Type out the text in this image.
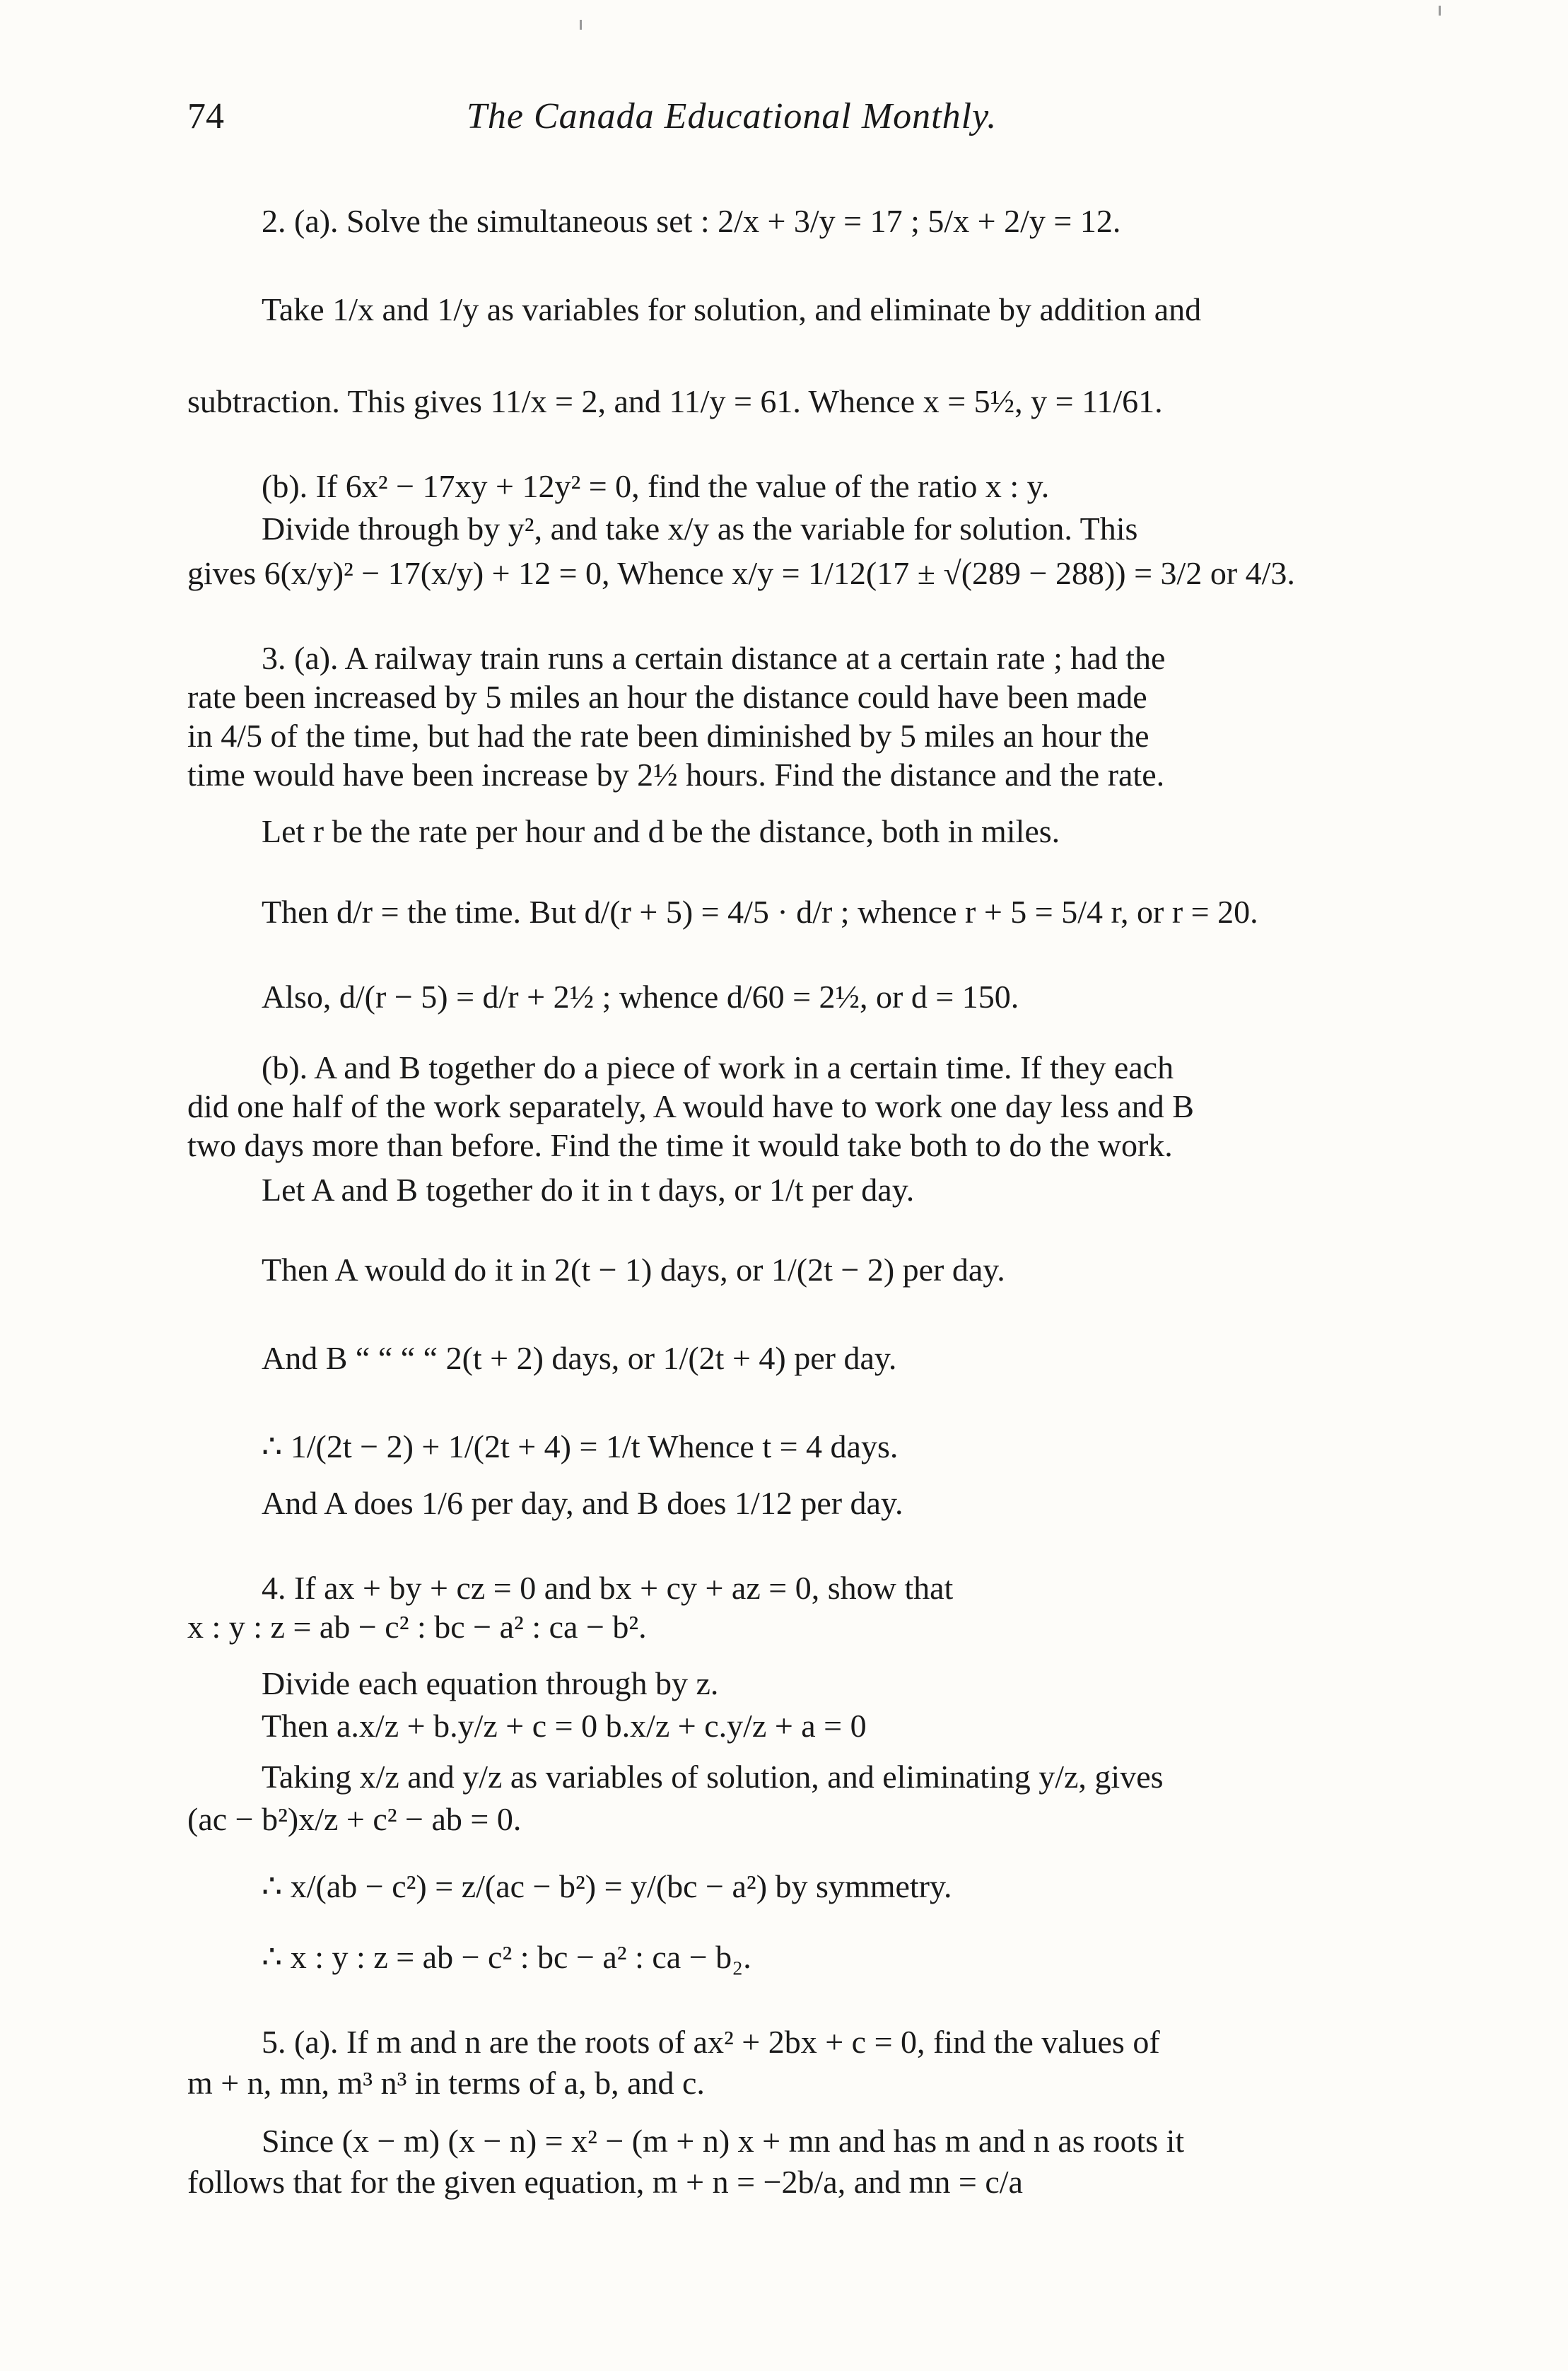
74	The Canada Educational Monthly.
2. (a). Solve the simultaneous set : 2/x + 3/y = 17 ; 5/x + 2/y = 12.
Take 1/x and 1/y as variables for solution, and eliminate by addition and
subtraction. This gives 11/x = 2, and 11/y = 61. Whence x = 5½, y = 11/61.
(b). If 6x² − 17xy + 12y² = 0, find the value of the ratio x : y.
Divide through by y², and take x/y as the variable for solution. This
gives 6(x/y)² − 17(x/y) + 12 = 0, Whence x/y = 1/12(17 ± √(289 − 288)) = 3/2 or 4/3.
3. (a). A railway train runs a certain distance at a certain rate ; had the
rate been increased by 5 miles an hour the distance could have been made
in 4/5 of the time, but had the rate been diminished by 5 miles an hour the
time would have been increase by 2½ hours. Find the distance and the rate.
Let r be the rate per hour and d be the distance, both in miles.
Then d/r = the time. But d/(r + 5) = 4/5 · d/r ; whence r + 5 = 5/4 r, or r = 20.
Also, d/(r − 5) = d/r + 2½ ; whence d/60 = 2½, or d = 150.
(b). A and B together do a piece of work in a certain time. If they each
did one half of the work separately, A would have to work one day less and B
two days more than before. Find the time it would take both to do the work.
Let A and B together do it in t days, or 1/t per day.
Then A would do it in 2(t − 1) days, or 1/(2t − 2) per day.
And B “ “ “ “ 2(t + 2) days, or 1/(2t + 4) per day.
∴ 1/(2t − 2) + 1/(2t + 4) = 1/t Whence t = 4 days.
And A does 1/6 per day, and B does 1/12 per day.
4. If ax + by + cz = 0 and bx + cy + az = 0, show that
x : y : z = ab − c² : bc − a² : ca − b².
Divide each equation through by z.
Then a.x/z + b.y/z + c = 0 b.x/z + c.y/z + a = 0
Taking x/z and y/z as variables of solution, and eliminating y/z, gives
(ac − b²)x/z + c² − ab = 0.
∴ x/(ab − c²) = z/(ac − b²) = y/(bc − a²) by symmetry.
∴ x : y : z = ab − c² : bc − a² : ca − b₂.
5. (a). If m and n are the roots of ax² + 2bx + c = 0, find the values of
m + n, mn, m³ n³ in terms of a, b, and c.
Since (x − m) (x − n) = x² − (m + n) x + mn and has m and n as roots it
follows that for the given equation, m + n = −2b/a, and mn = c/a
